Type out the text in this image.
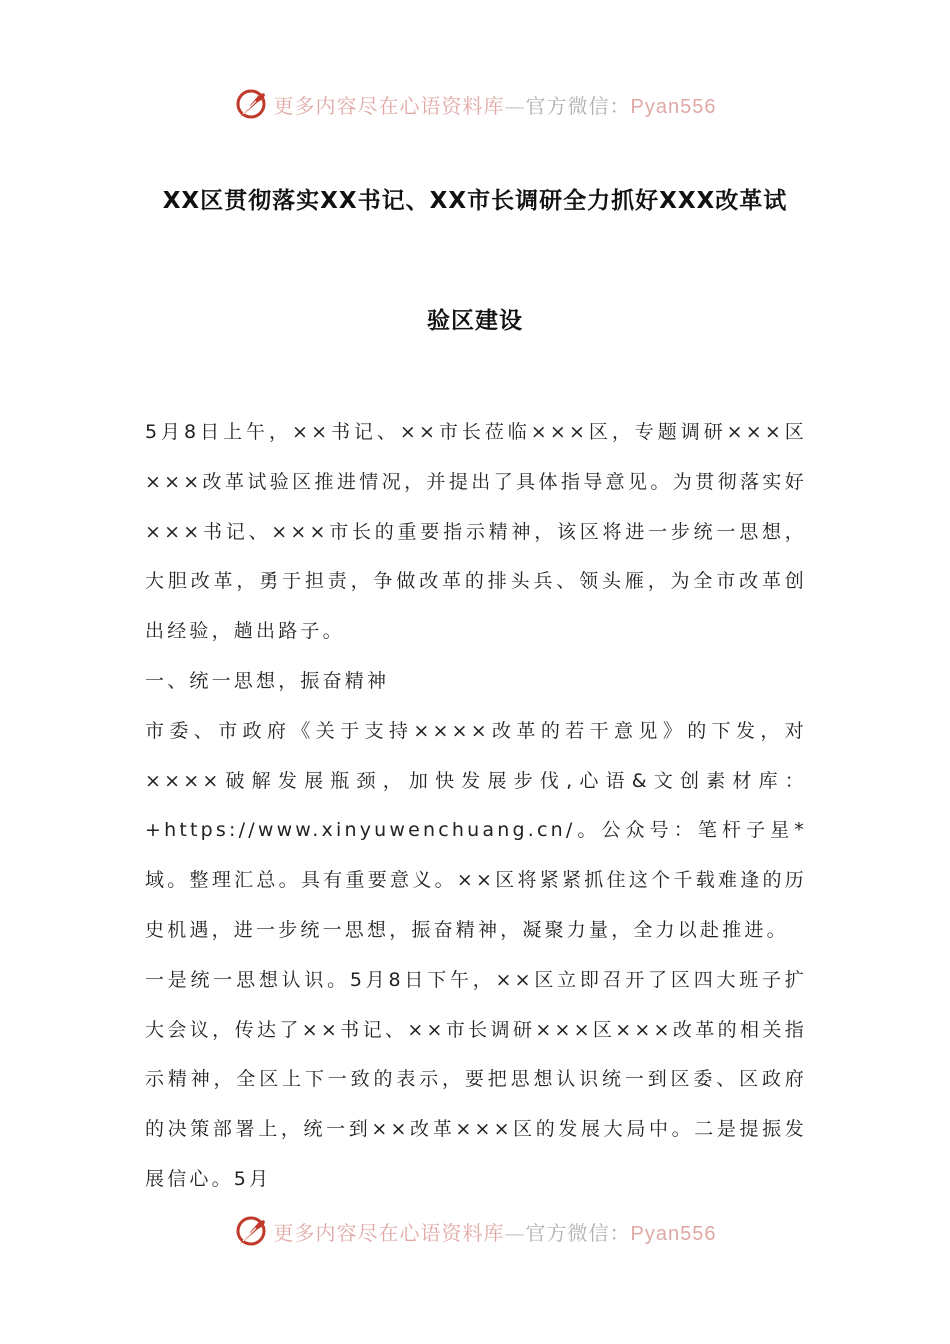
更多内容尽在心语资料库—官方微信：Pyan556
XX区贯彻落实XX书记、XX市长调研全力抓好XXX改革试
验区建设

5月8日上午，××书记、××市长莅临×××区，专题调研×××区×××改革试验区推进情况，并提出了具体指导意见。为贯彻落实好×××书记、×××市长的重要指示精神，该区将进一步统一思想，大胆改革，勇于担责，争做改革的排头兵、领头雁，为全市改革创出经验，趟出路子。

一、统一思想，振奋精神

市委、市政府《关于支持××××改革的若干意见》的下发，对××××破解发展瓶颈，加快发展步伐,心语&文创素材库：+https://www.xinyuwenchuang.cn/。公众号：笔杆子星*域。整理汇总。具有重要意义。××区将紧紧抓住这个千载难逢的历史机遇，进一步统一思想，振奋精神，凝聚力量，全力以赴推进。

一是统一思想认识。5月8日下午，××区立即召开了区四大班子扩大会议，传达了××书记、××市长调研×××区×××改革的相关指示精神，全区上下一致的表示，要把思想认识统一到区委、区政府的决策部署上，统一到××改革×××区的发展大局中。二是提振发展信心。5月

更多内容尽在心语资料库—官方微信：Pyan556
